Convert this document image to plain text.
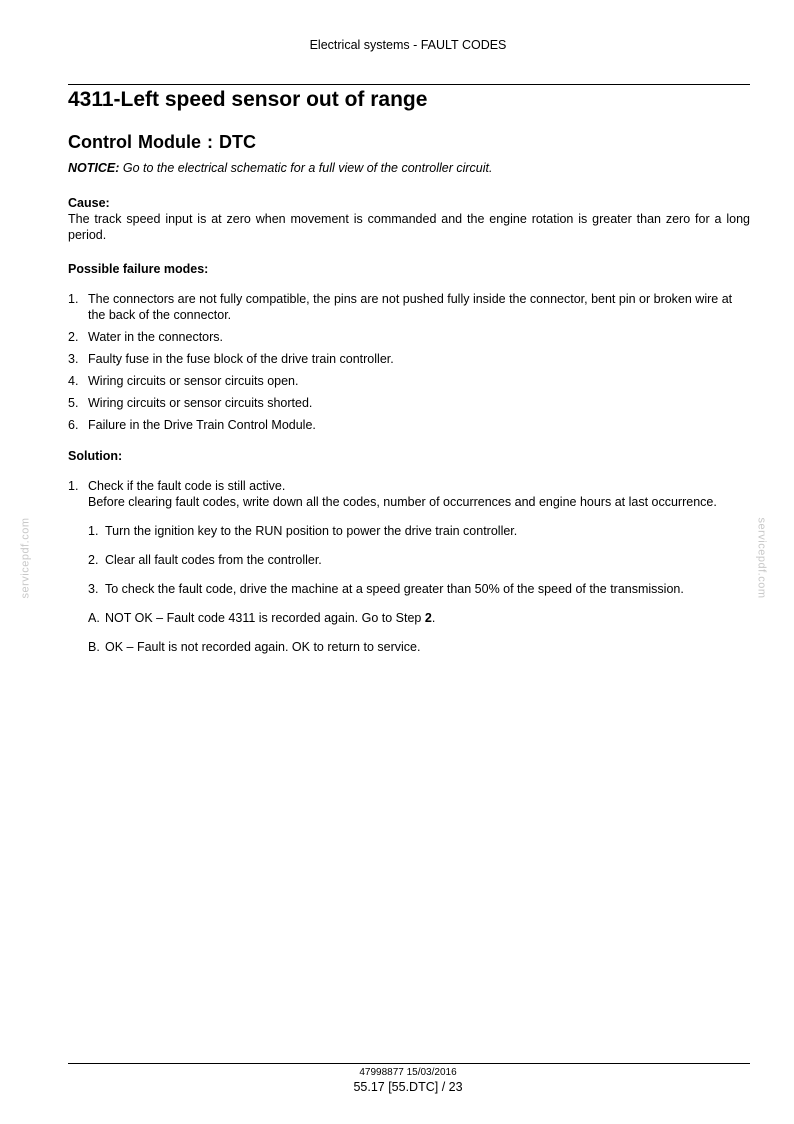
Electrical systems - FAULT CODES
4311-Left speed sensor out of range
Control Module : DTC

NOTICE: Go to the electrical schematic for a full view of the controller circuit.

Cause:

The track speed input is at zero when movement is commanded and the engine rotation is greater than zero for a long period.

Possible failure modes:

1. The connectors are not fully compatible, the pins are not pushed fully inside the connector, bent pin or broken wire at the back of the connector.
2. Water in the connectors.
3. Faulty fuse in the fuse block of the drive train controller.
4. Wiring circuits or sensor circuits open.
5. Wiring circuits or sensor circuits shorted.
6. Failure in the Drive Train Control Module.

Solution:

1. Check if the fault code is still active.

Before clearing fault codes, write down all the codes, number of occurrences and engine hours at last occurrence.

1. Turn the ignition key to the RUN position to power the drive train controller.
2. Clear all fault codes from the controller.
3. To check the fault code, drive the machine at a speed greater than 50% of the speed of the transmission.
A. NOT OK – Fault code 4311 is recorded again. Go to Step 2.
B. OK – Fault is not recorded again. OK to return to service.
servicepdf.com	servicepdf.com
47998877 15/03/2016
55.17 [55.DTC] / 23
